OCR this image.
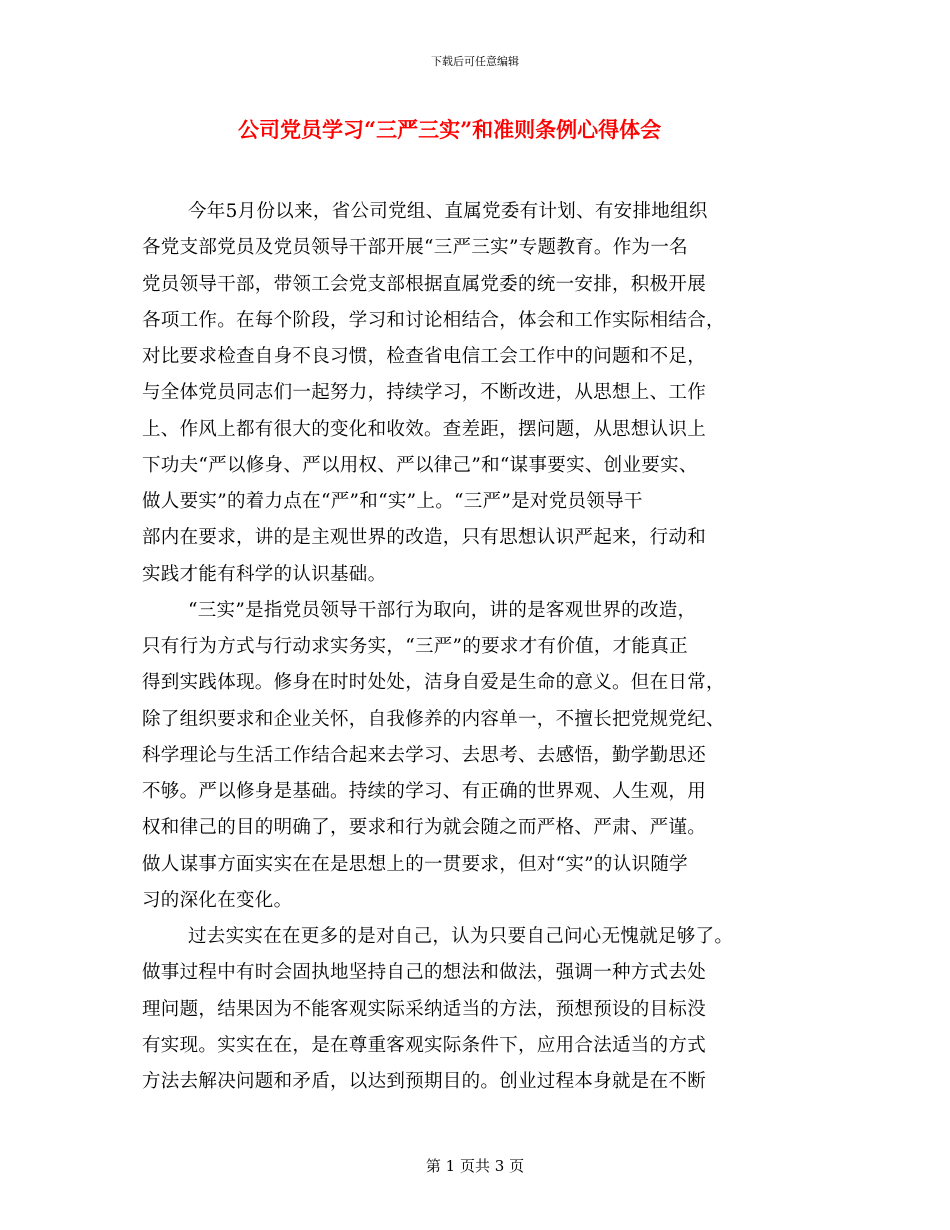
下载后可任意编辑
公司党员学习“三严三实”和准则条例心得体会
今年5月份以来，省公司党组、直属党委有计划、有安排地组织
各党支部党员及党员领导干部开展“三严三实”专题教育。作为一名
党员领导干部，带领工会党支部根据直属党委的统一安排，积极开展
各项工作。在每个阶段，学习和讨论相结合，体会和工作实际相结合，
对比要求检查自身不良习惯，检查省电信工会工作中的问题和不足，
与全体党员同志们一起努力，持续学习，不断改进，从思想上、工作
上、作风上都有很大的变化和收效。查差距，摆问题，从思想认识上
下功夫“严以修身、严以用权、严以律己”和“谋事要实、创业要实、
做人要实”的着力点在“严”和“实”上。“三严”是对党员领导干
部内在要求，讲的是主观世界的改造，只有思想认识严起来，行动和
实践才能有科学的认识基础。
“三实”是指党员领导干部行为取向，讲的是客观世界的改造，
只有行为方式与行动求实务实，“三严”的要求才有价值，才能真正
得到实践体现。修身在时时处处，洁身自爱是生命的意义。但在日常，
除了组织要求和企业关怀，自我修养的内容单一，不擅长把党规党纪、
科学理论与生活工作结合起来去学习、去思考、去感悟，勤学勤思还
不够。严以修身是基础。持续的学习、有正确的世界观、人生观，用
权和律己的目的明确了，要求和行为就会随之而严格、严肃、严谨。
做人谋事方面实实在在是思想上的一贯要求，但对“实”的认识随学
习的深化在变化。
过去实实在在更多的是对自己，认为只要自己问心无愧就足够了。
做事过程中有时会固执地坚持自己的想法和做法，强调一种方式去处
理问题，结果因为不能客观实际采纳适当的方法，预想预设的目标没
有实现。实实在在，是在尊重客观实际条件下，应用合法适当的方式
方法去解决问题和矛盾，以达到预期目的。创业过程本身就是在不断
第 1 页共 3 页
